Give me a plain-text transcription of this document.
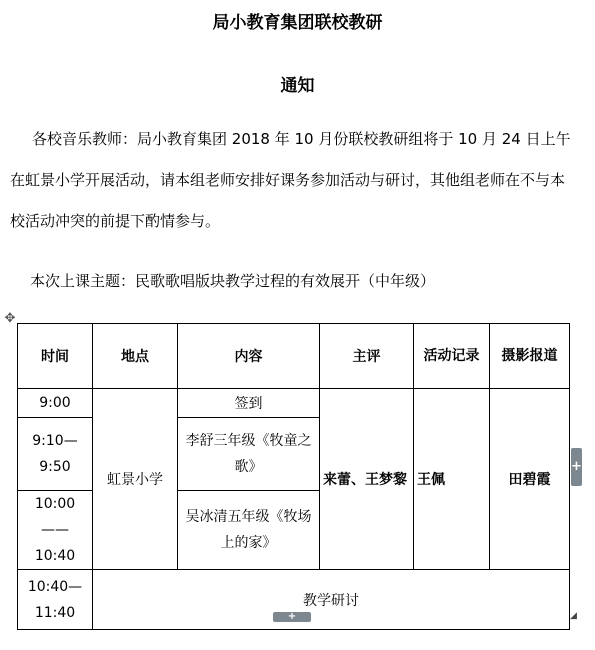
局小教育集团联校教研
通知
各校音乐教师：局小教育集团 2018 年 10 月份联校教研组将于 10 月 24 日上午在虹景小学开展活动，请本组老师安排好课务参加活动与研讨，其他组老师在不与本校活动冲突的前提下酌情参与。
本次上课主题：民歌歌唱版块教学过程的有效展开（中年级）
✥
时间	地点	内容	主评	活动记录	摄影报道
9:00	虹景小学	签到	来蕾、王梦黎	王佩	田碧霞
9:10—9:50		李舒三年级《牧童之歌》			
10:00——10:40		吴冰清五年级《牧场上的家》			
10:40—11:40	教学研讨				
+
+	◢
